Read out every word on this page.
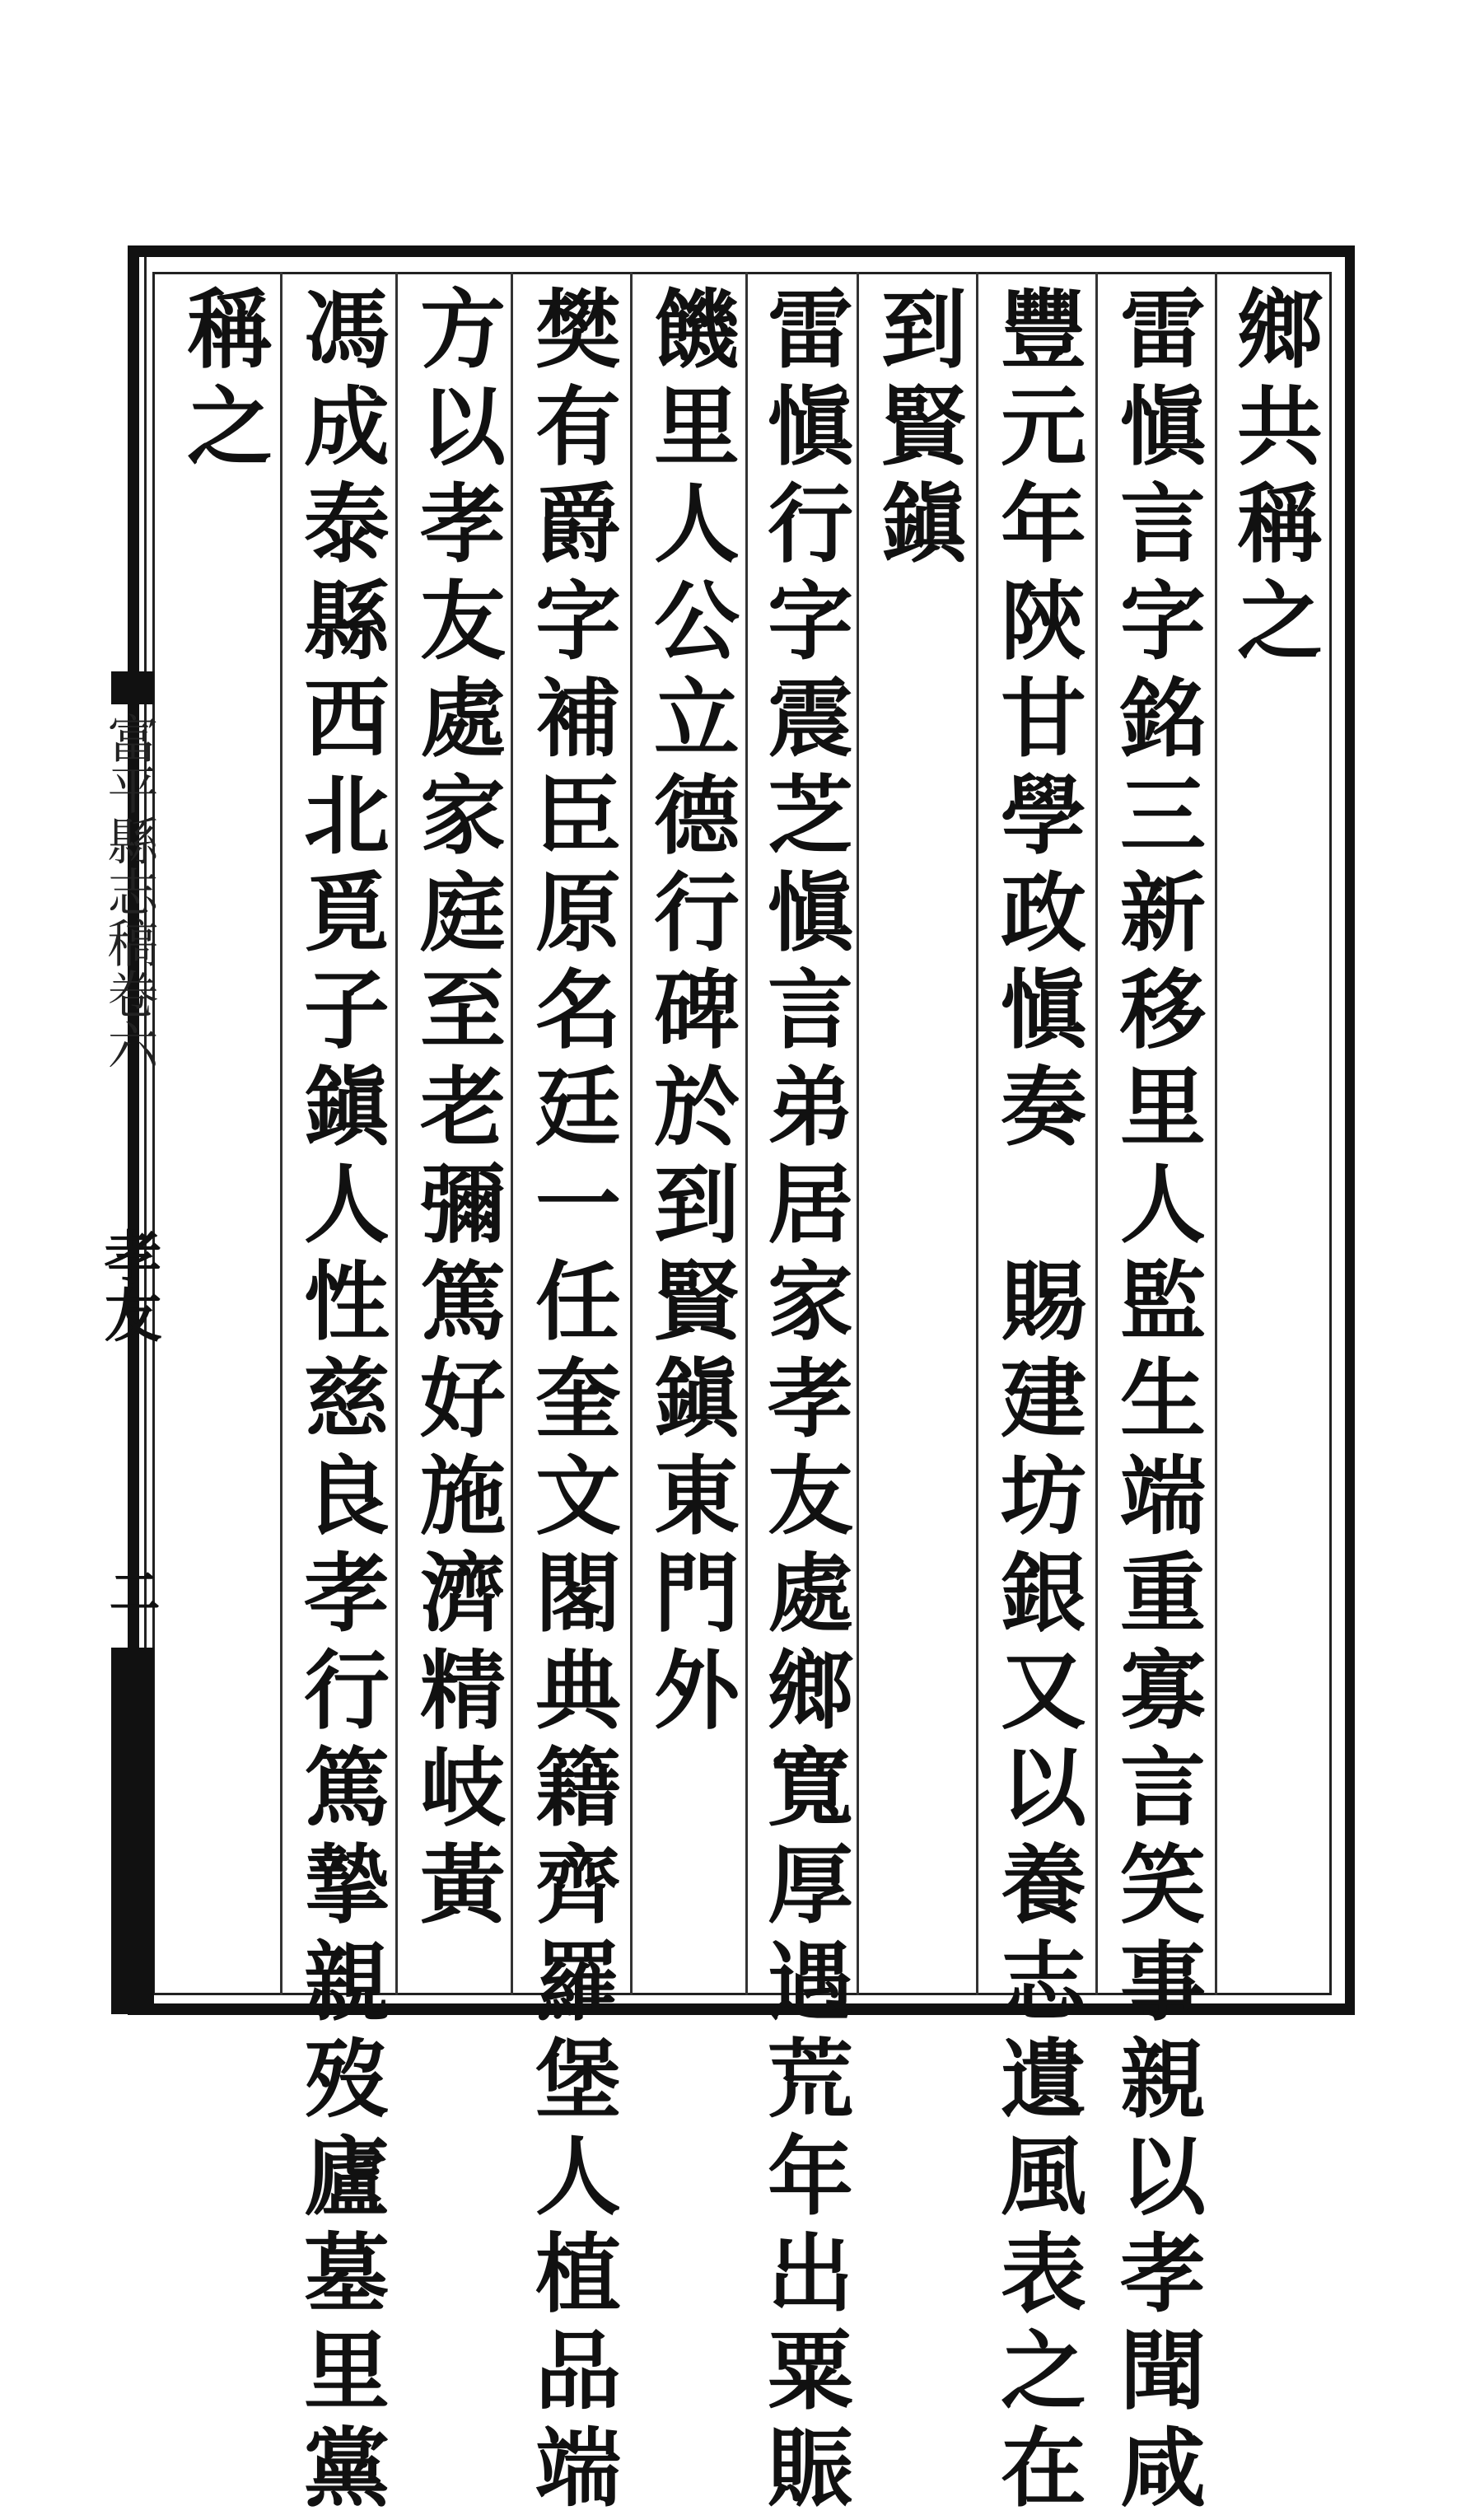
鄉共稱之
雷愼言字銘三新移里人監生端重寡言笑事親以孝聞咸
豐元年陝甘學政愼奏　賜建坊銀又以養志遺風表之在
到賢鎭
雷愼行字震芝愼言弟居家孝友處鄉寬厚遇荒年出粟賑
饑里人公立德行碑於到賢鎭東門外
樊有爵字補臣原名廷一任奎文閣典籍齊羅堡人植品端
方以孝友處家庭至老彌篤好施濟精岐黃
馮成泰縣西北覓子鎭人性慈良孝行篤摯親歿廬墓里黨
稱之
富平縣志稿卷六
孝友
二
